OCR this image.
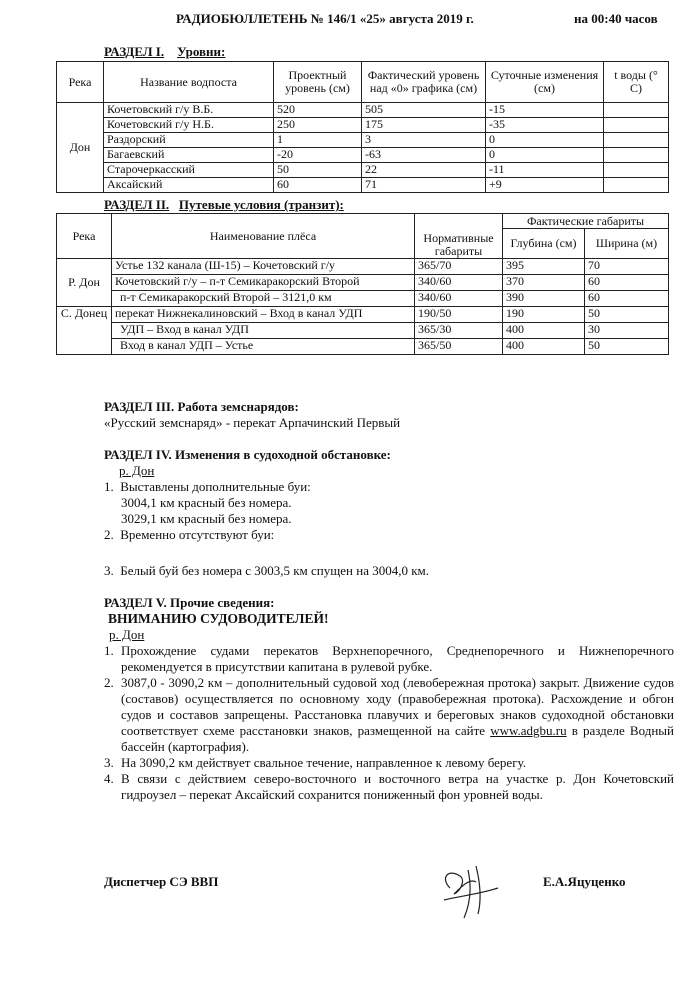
РАДИОБЮЛЛЕТЕНЬ № 146/1 «25» августа 2019 г.	на 00:40 часов
РАЗДЕЛ I. Уровни:
Река	Название водпоста	Проектный уровень (см)	Фактический уровень над «0» графика (см)	Суточные изменения (см)	t воды (° С)
Дон	Кочетовский г/у В.Б.	520	505	-15	
	Кочетовский г/у Н.Б.	250	175	-35	
	Раздорский	1	3	0	
	Багаевский	-20	-63	0	
	Старочеркасский	50	22	-11	
	Аксайский	60	71	+9	
РАЗДЕЛ II. Путевые условия (транзит):
Река	Наименование плёса	Нормативные габариты	Фактические габариты	
			Глубина (см)	Ширина (м)
Р. Дон	Устье 132 канала (Ш-15) – Кочетовский г/у	365/70	395	70
	Кочетовский г/у – п-т Семикаракорский Второй	340/60	370	60
	п-т Семикаракорский Второй – 3121,0 км	340/60	390	60
С. Донец	перекат Нижнекалиновский – Вход в канал УДП	190/50	190	50
	УДП – Вход в канал УДП	365/30	400	30
	Вход в канал УДП – Устье	365/50	400	50
РАЗДЕЛ III. Работа земснарядов:
«Русский земснаряд» - перекат Арпачинский Первый
РАЗДЕЛ IV. Изменения в судоходной обстановке:
р. Дон
1.  Выставлены дополнительные буи:
3004,1 км красный без номера.
3029,1 км красный без номера.
2.  Временно отсутствуют буи:
3.  Белый буй без номера с 3003,5 км спущен на 3004,0 км.
РАЗДЕЛ V. Прочие сведения:
ВНИМАНИЮ СУДОВОДИТЕЛЕЙ!
р. Дон
1. Прохождение судами перекатов Верхнепоречного, Среднепоречного и Нижнепоречного рекомендуется в присутствии капитана в рулевой рубке.
2. 3087,0 - 3090,2 км – дополнительный судовой ход (левобережная протока) закрыт. Движение судов (составов) осуществляется по основному ходу (правобережная протока). Расхождение и обгон судов и составов запрещены. Расстановка плавучих и береговых знаков судоходной обстановки соответствует схеме расстановки знаков, размещенной на сайте www.adgbu.ru в разделе Водный бассейн (картография).
3. На 3090,2 км действует свальное течение, направленное к левому берегу.
4. В связи с действием северо-восточного и восточного ветра на участке р. Дон Кочетовский гидроузел – перекат Аксайский сохранится пониженный фон уровней воды.
Диспетчер СЭ ВВП	Е.А.Яцуценко
